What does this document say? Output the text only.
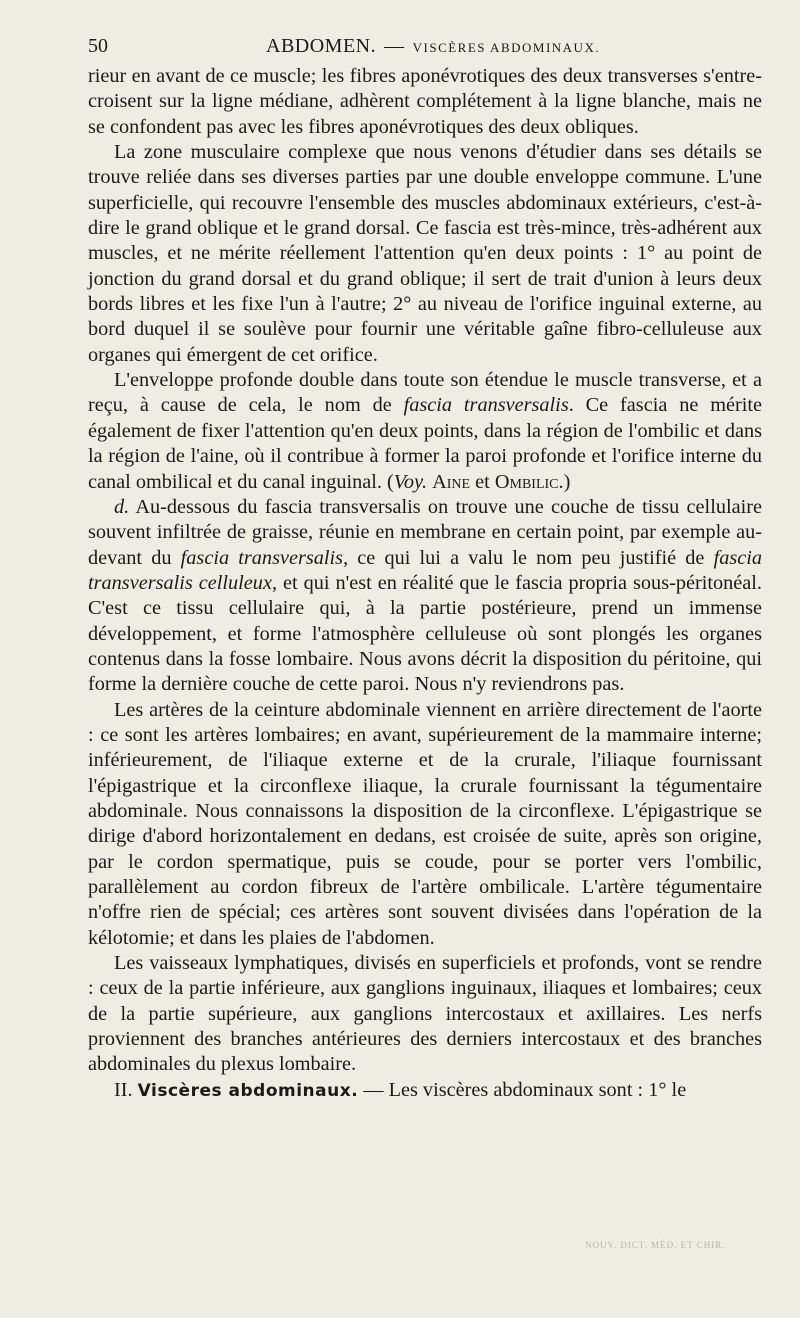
50	ABDOMEN. — VISCÈRES ABDOMINAUX.

rieur en avant de ce muscle; les fibres aponévrotiques des deux transverses s'entre-croisent sur la ligne médiane, adhèrent complétement à la ligne blanche, mais ne se confondent pas avec les fibres aponévrotiques des deux obliques.

La zone musculaire complexe que nous venons d'étudier dans ses détails se trouve reliée dans ses diverses parties par une double enveloppe commune. L'une superficielle, qui recouvre l'ensemble des muscles abdominaux extérieurs, c'est-à-dire le grand oblique et le grand dorsal. Ce fascia est très-mince, très-adhérent aux muscles, et ne mérite réellement l'attention qu'en deux points : 1° au point de jonction du grand dorsal et du grand oblique; il sert de trait d'union à leurs deux bords libres et les fixe l'un à l'autre; 2° au niveau de l'orifice inguinal externe, au bord duquel il se soulève pour fournir une véritable gaîne fibro-celluleuse aux organes qui émergent de cet orifice.

L'enveloppe profonde double dans toute son étendue le muscle transverse, et a reçu, à cause de cela, le nom de fascia transversalis. Ce fascia ne mérite également de fixer l'attention qu'en deux points, dans la région de l'ombilic et dans la région de l'aine, où il contribue à former la paroi profonde et l'orifice interne du canal ombilical et du canal inguinal. (Voy. Aine et Ombilic.)

d. Au-dessous du fascia transversalis on trouve une couche de tissu cellulaire souvent infiltrée de graisse, réunie en membrane en certain point, par exemple au-devant du fascia transversalis, ce qui lui a valu le nom peu justifié de fascia transversalis celluleux, et qui n'est en réalité que le fascia propria sous-péritonéal. C'est ce tissu cellulaire qui, à la partie postérieure, prend un immense développement, et forme l'atmosphère celluleuse où sont plongés les organes contenus dans la fosse lombaire. Nous avons décrit la disposition du péritoine, qui forme la dernière couche de cette paroi. Nous n'y reviendrons pas.

Les artères de la ceinture abdominale viennent en arrière directement de l'aorte : ce sont les artères lombaires; en avant, supérieurement de la mammaire interne; inférieurement, de l'iliaque externe et de la crurale, l'iliaque fournissant l'épigastrique et la circonflexe iliaque, la crurale fournissant la tégumentaire abdominale. Nous connaissons la disposition de la circonflexe. L'épigastrique se dirige d'abord horizontalement en dedans, est croisée de suite, après son origine, par le cordon spermatique, puis se coude, pour se porter vers l'ombilic, parallèlement au cordon fibreux de l'artère ombilicale. L'artère tégumentaire n'offre rien de spécial; ces artères sont souvent divisées dans l'opération de la kélotomie; et dans les plaies de l'abdomen.

Les vaisseaux lymphatiques, divisés en superficiels et profonds, vont se rendre : ceux de la partie inférieure, aux ganglions inguinaux, iliaques et lombaires; ceux de la partie supérieure, aux ganglions intercostaux et axillaires. Les nerfs proviennent des branches antérieures des derniers intercostaux et des branches abdominales du plexus lombaire.

II. Viscères abdominaux. — Les viscères abdominaux sont : 1° le

NOUV. DICT. MÉD. ET CHIR.
